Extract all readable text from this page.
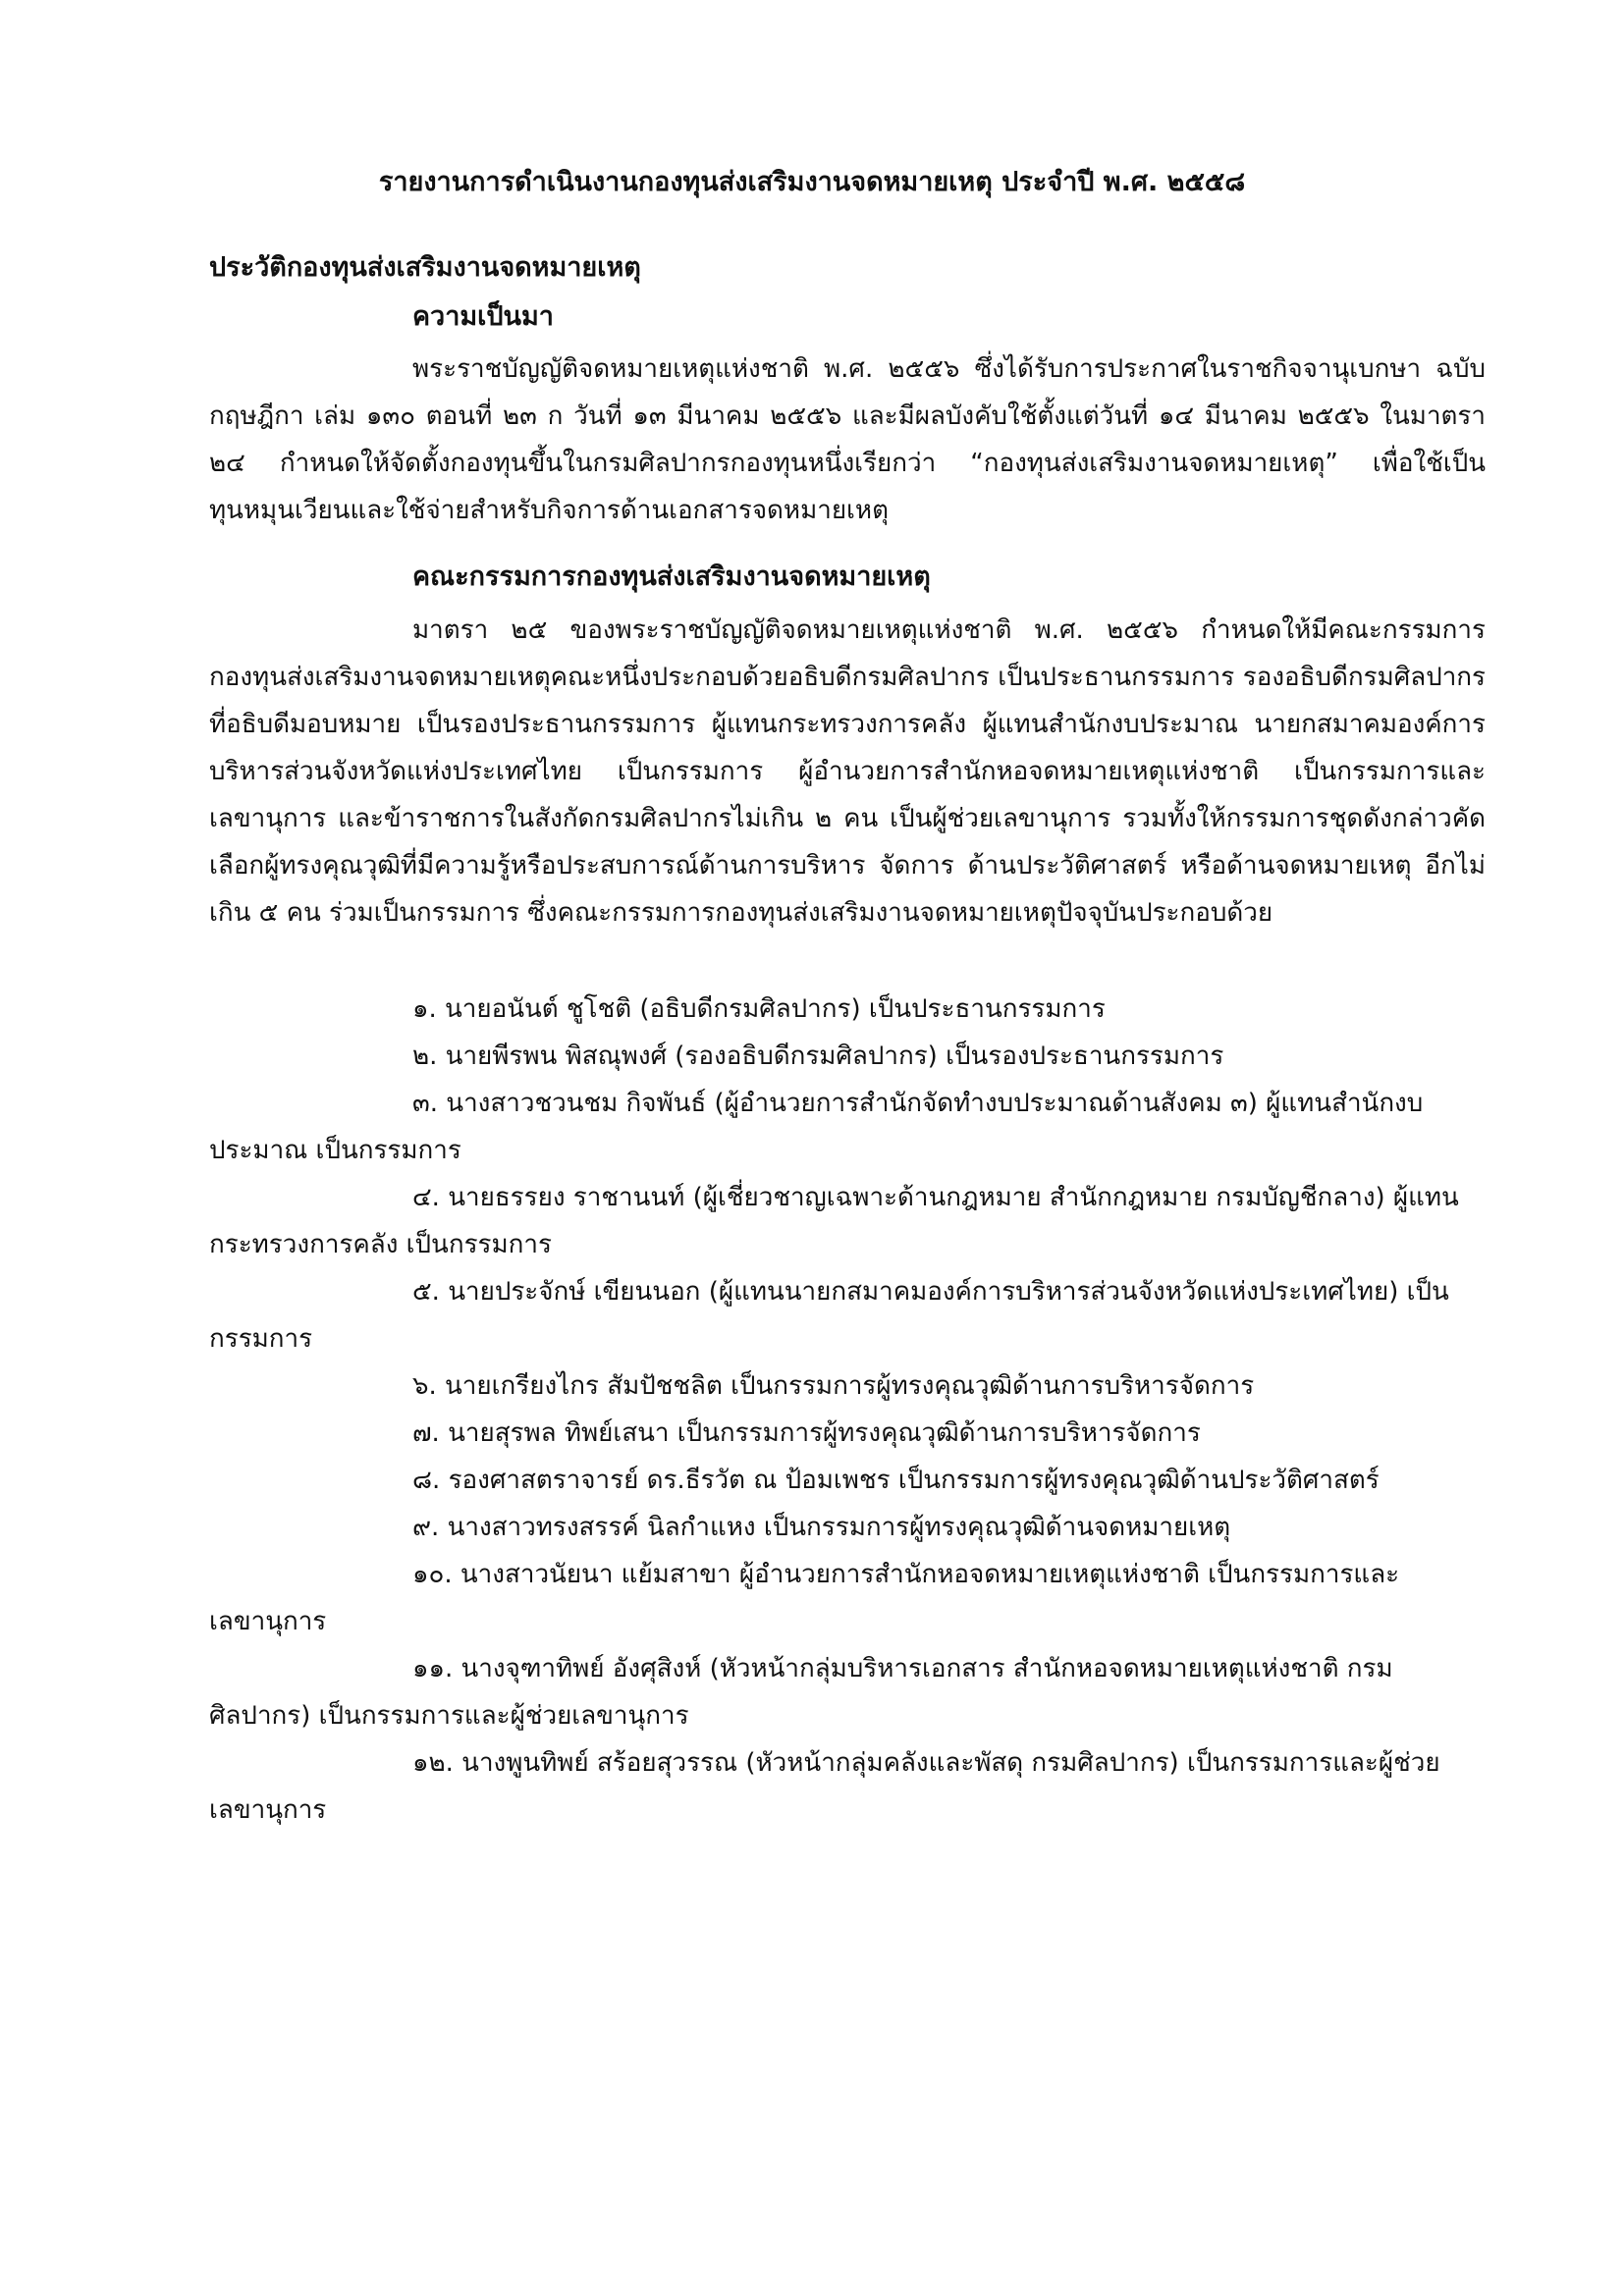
รายงานการดำเนินงานกองทุนส่งเสริมงานจดหมายเหตุ ประจำปี พ.ศ. ๒๕๕๘
ประวัติกองทุนส่งเสริมงานจดหมายเหตุ
ความเป็นมา

พระราชบัญญัติจดหมายเหตุแห่งชาติ พ.ศ. ๒๕๕๖ ซึ่งได้รับการประกาศในราชกิจจานุเบกษา ฉบับกฤษฎีกา เล่ม ๑๓๐ ตอนที่ ๒๓ ก วันที่ ๑๓ มีนาคม ๒๕๕๖ และมีผลบังคับใช้ตั้งแต่วันที่ ๑๔ มีนาคม ๒๕๕๖ ในมาตรา ๒๔ กำหนดให้จัดตั้งกองทุนขึ้นในกรมศิลปากรกองทุนหนึ่งเรียกว่า “กองทุนส่งเสริมงานจดหมายเหตุ” เพื่อใช้เป็นทุนหมุนเวียนและใช้จ่ายสำหรับกิจการด้านเอกสารจดหมายเหตุ

คณะกรรมการกองทุนส่งเสริมงานจดหมายเหตุ

มาตรา ๒๕ ของพระราชบัญญัติจดหมายเหตุแห่งชาติ พ.ศ. ๒๕๕๖ กำหนดให้มีคณะกรรมการกองทุนส่งเสริมงานจดหมายเหตุคณะหนึ่งประกอบด้วยอธิบดีกรมศิลปากร เป็นประธานกรรมการ รองอธิบดีกรมศิลปากรที่อธิบดีมอบหมาย เป็นรองประธานกรรมการ ผู้แทนกระทรวงการคลัง ผู้แทนสำนักงบประมาณ นายกสมาคมองค์การบริหารส่วนจังหวัดแห่งประเทศไทย เป็นกรรมการ ผู้อำนวยการสำนักหอจดหมายเหตุแห่งชาติ เป็นกรรมการและเลขานุการ และข้าราชการในสังกัดกรมศิลปากรไม่เกิน ๒ คน เป็นผู้ช่วยเลขานุการ รวมทั้งให้กรรมการชุดดังกล่าวคัดเลือกผู้ทรงคุณวุฒิที่มีความรู้หรือประสบการณ์ด้านการบริหาร จัดการ ด้านประวัติศาสตร์ หรือด้านจดหมายเหตุ อีกไม่เกิน ๕ คน ร่วมเป็นกรรมการ ซึ่งคณะกรรมการกองทุนส่งเสริมงานจดหมายเหตุปัจจุบันประกอบด้วย

๑. นายอนันต์ ชูโชติ (อธิบดีกรมศิลปากร) เป็นประธานกรรมการ
๒. นายพีรพน พิสณุพงศ์ (รองอธิบดีกรมศิลปากร) เป็นรองประธานกรรมการ
๓. นางสาวชวนชม กิจพันธ์ (ผู้อำนวยการสำนักจัดทำงบประมาณด้านสังคม ๓) ผู้แทนสำนักงบประมาณ เป็นกรรมการ
๔. นายธรรยง ราชานนท์ (ผู้เชี่ยวชาญเฉพาะด้านกฎหมาย สำนักกฎหมาย กรมบัญชีกลาง) ผู้แทนกระทรวงการคลัง เป็นกรรมการ
๕. นายประจักษ์ เขียนนอก (ผู้แทนนายกสมาคมองค์การบริหารส่วนจังหวัดแห่งประเทศไทย) เป็นกรรมการ
๖. นายเกรียงไกร สัมปัชชลิต เป็นกรรมการผู้ทรงคุณวุฒิด้านการบริหารจัดการ
๗. นายสุรพล ทิพย์เสนา เป็นกรรมการผู้ทรงคุณวุฒิด้านการบริหารจัดการ
๘. รองศาสตราจารย์ ดร.ธีรวัต ณ ป้อมเพชร เป็นกรรมการผู้ทรงคุณวุฒิด้านประวัติศาสตร์
๙. นางสาวทรงสรรค์ นิลกำแหง เป็นกรรมการผู้ทรงคุณวุฒิด้านจดหมายเหตุ
๑๐. นางสาวนัยนา แย้มสาขา ผู้อำนวยการสำนักหอจดหมายเหตุแห่งชาติ เป็นกรรมการและเลขานุการ
๑๑. นางจุฑาทิพย์ อังศุสิงห์ (หัวหน้ากลุ่มบริหารเอกสาร สำนักหอจดหมายเหตุแห่งชาติ กรมศิลปากร) เป็นกรรมการและผู้ช่วยเลขานุการ
๑๒. นางพูนทิพย์ สร้อยสุวรรณ (หัวหน้ากลุ่มคลังและพัสดุ กรมศิลปากร) เป็นกรรมการและผู้ช่วยเลขานุการ
